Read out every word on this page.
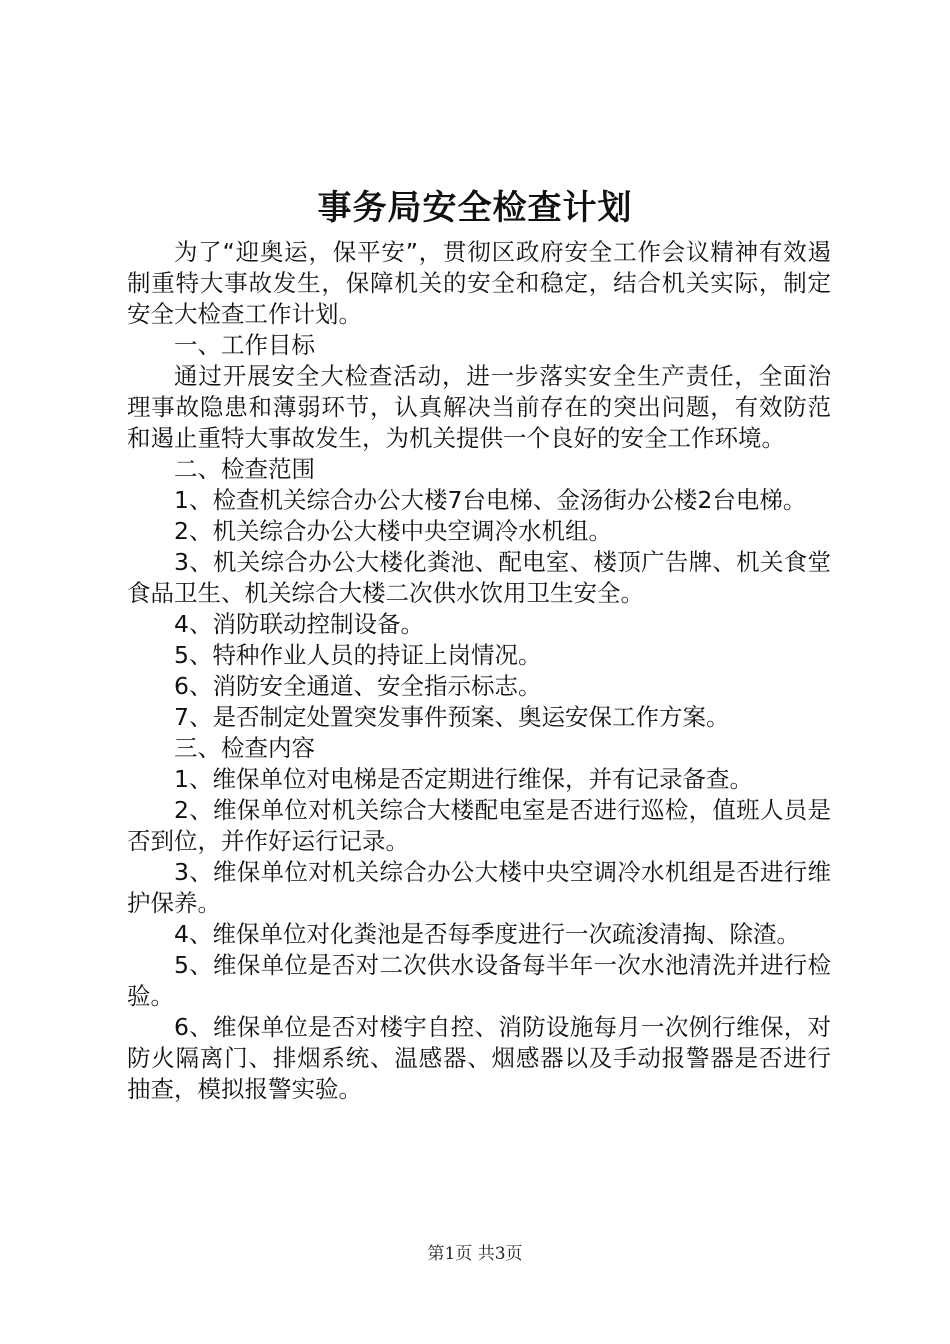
事务局安全检查计划

为了“迎奥运，保平安”，贯彻区政府安全工作会议精神有效遏制重特大事故发生，保障机关的安全和稳定，结合机关实际，制定安全大检查工作计划。

一、工作目标

通过开展安全大检查活动，进一步落实安全生产责任，全面治理事故隐患和薄弱环节，认真解决当前存在的突出问题，有效防范和遏止重特大事故发生，为机关提供一个良好的安全工作环境。

二、检查范围

1、检查机关综合办公大楼7台电梯、金汤街办公楼2台电梯。

2、机关综合办公大楼中央空调冷水机组。

3、机关综合办公大楼化粪池、配电室、楼顶广告牌、机关食堂食品卫生、机关综合大楼二次供水饮用卫生安全。

4、消防联动控制设备。

5、特种作业人员的持证上岗情况。

6、消防安全通道、安全指示标志。

7、是否制定处置突发事件预案、奥运安保工作方案。

三、检查内容

1、维保单位对电梯是否定期进行维保，并有记录备查。

2、维保单位对机关综合大楼配电室是否进行巡检，值班人员是否到位，并作好运行记录。

3、维保单位对机关综合办公大楼中央空调冷水机组是否进行维护保养。

4、维保单位对化粪池是否每季度进行一次疏浚清掏、除渣。

5、维保单位是否对二次供水设备每半年一次水池清洗并进行检验。

6、维保单位是否对楼宇自控、消防设施每月一次例行维保，对防火隔离门、排烟系统、温感器、烟感器以及手动报警器是否进行抽查，模拟报警实验。

第1页 共3页
